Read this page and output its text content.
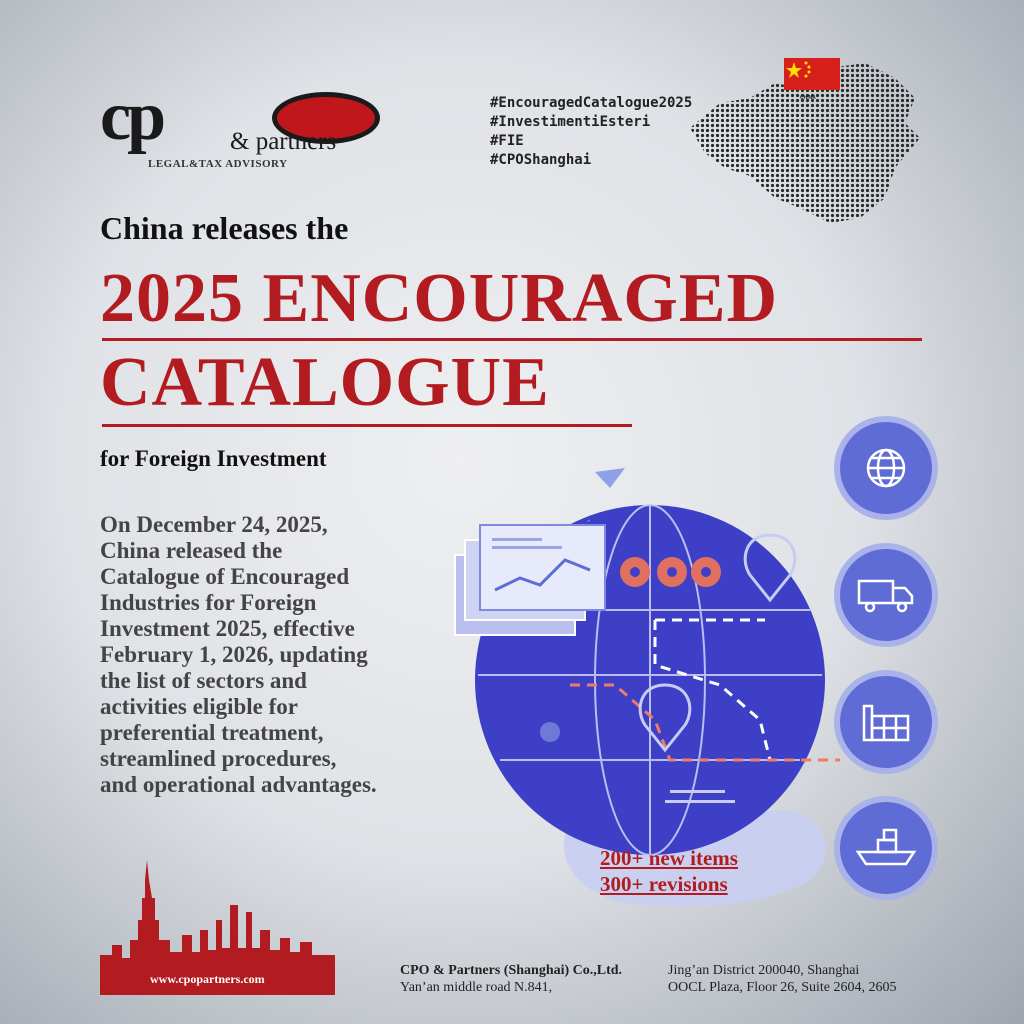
cp	& partners
LEGAL&TAX ADVISORY
#EncouragedCatalogue2025
#InvestimentiEsteri
#FIE
#CPOShanghai
CHINA
China releases the
2025 ENCOURAGED
CATALOGUE
for Foreign Investment
On December 24, 2025,
China released the
Catalogue of Encouraged
Industries for Foreign
Investment 2025, effective
February 1, 2026, updating
the list of sectors and
activities eligible for
preferential treatment,
streamlined procedures,
and operational advantages.
200+ new items
300+ revisions
www.cpopartners.com
CPO & Partners (Shanghai) Co.,Ltd.
Yan’an middle road N.841,
Jing’an District 200040, Shanghai
OOCL Plaza, Floor 26, Suite 2604, 2605
